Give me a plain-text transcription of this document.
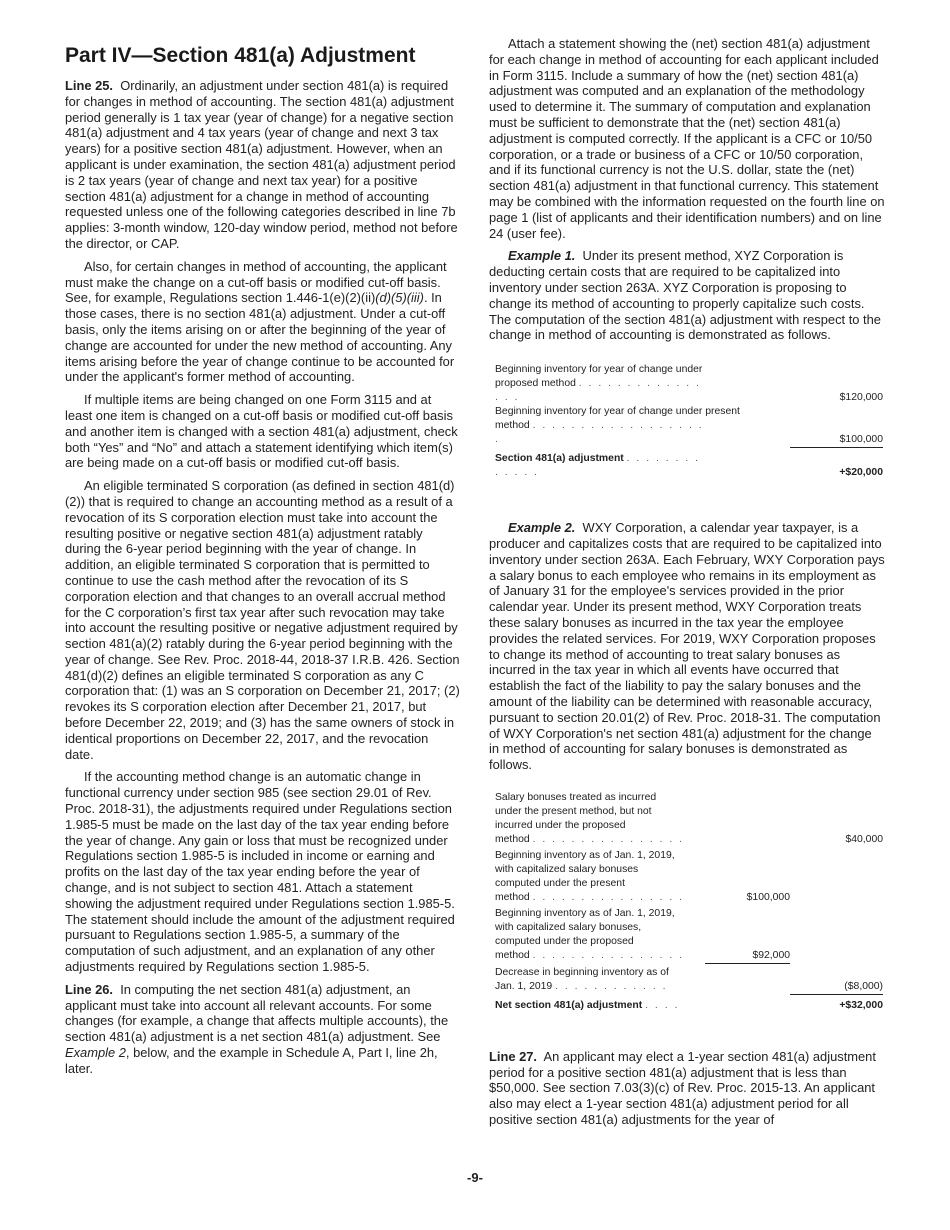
Part IV—Section 481(a) Adjustment

Line 25. Ordinarily, an adjustment under section 481(a) is required for changes in method of accounting. The section 481(a) adjustment period generally is 1 tax year (year of change) for a negative section 481(a) adjustment and 4 tax years (year of change and next 3 tax years) for a positive section 481(a) adjustment. However, when an applicant is under examination, the section 481(a) adjustment period is 2 tax years (year of change and next tax year) for a positive section 481(a) adjustment for a change in method of accounting requested unless one of the following categories described in line 7b applies: 3-month window, 120-day window period, method not before the director, or CAP.

Also, for certain changes in method of accounting, the applicant must make the change on a cut-off basis or modified cut-off basis. See, for example, Regulations section 1.446-1(e)(2)(ii)(d)(5)(iii). In those cases, there is no section 481(a) adjustment. Under a cut-off basis, only the items arising on or after the beginning of the year of change are accounted for under the new method of accounting. Any items arising before the year of change continue to be accounted for under the applicant's former method of accounting.

If multiple items are being changed on one Form 3115 and at least one item is changed on a cut-off basis or modified cut-off basis and another item is changed with a section 481(a) adjustment, check both “Yes” and “No” and attach a statement identifying which item(s) are being made on a cut-off basis or modified cut-off basis.

An eligible terminated S corporation (as defined in section 481(d)(2)) that is required to change an accounting method as a result of a revocation of its S corporation election must take into account the resulting positive or negative section 481(a) adjustment ratably during the 6-year period beginning with the year of change. In addition, an eligible terminated S corporation that is permitted to continue to use the cash method after the revocation of its S corporation election and that changes to an overall accrual method for the C corporation’s first tax year after such revocation may take into account the resulting positive or negative adjustment required by section 481(a)(2) ratably during the 6-year period beginning with the year of change. See Rev. Proc. 2018-44, 2018-37 I.R.B. 426. Section 481(d)(2) defines an eligible terminated S corporation as any C corporation that: (1) was an S corporation on December 21, 2017; (2) revokes its S corporation election after December 21, 2017, but before December 22, 2019; and (3) has the same owners of stock in identical proportions on December 22, 2017, and the revocation date.

If the accounting method change is an automatic change in functional currency under section 985 (see section 29.01 of Rev. Proc. 2018-31), the adjustments required under Regulations section 1.985-5 must be made on the last day of the tax year ending before the year of change. Any gain or loss that must be recognized under Regulations section 1.985-5 is included in income or earning and profits on the last day of the tax year ending before the year of change, and is not subject to section 481. Attach a statement showing the adjustment required under Regulations section 1.985-5. The statement should include the amount of the adjustment required pursuant to Regulations section 1.985-5, a summary of the computation of such adjustment, and an explanation of any other adjustments required by Regulations section 1.985-5.

Line 26. In computing the net section 481(a) adjustment, an applicant must take into account all relevant accounts. For some changes (for example, a change that affects multiple accounts), the section 481(a) adjustment is a net section 481(a) adjustment. See Example 2, below, and the example in Schedule A, Part I, line 2h, later.

Attach a statement showing the (net) section 481(a) adjustment for each change in method of accounting for each applicant included in Form 3115. Include a summary of how the (net) section 481(a) adjustment was computed and an explanation of the methodology used to determine it. The summary of computation and explanation must be sufficient to demonstrate that the (net) section 481(a) adjustment is computed correctly. If the applicant is a CFC or 10/50 corporation, or a trade or business of a CFC or 10/50 corporation, and if its functional currency is not the U.S. dollar, state the (net) section 481(a) adjustment in that functional currency. This statement may be combined with the information requested on the fourth line on page 1 (list of applicants and their identification numbers) and on line 24 (user fee).

Example 1. Under its present method, XYZ Corporation is deducting certain costs that are required to be capitalized into inventory under section 263A. XYZ Corporation is proposing to change its method of accounting to properly capitalize such costs. The computation of the section 481(a) adjustment with respect to the change in method of accounting is demonstrated as follows.

Beginning inventory for year of change under		
proposed method . . . . . . . . . . . . . . . .		$120,000
Beginning inventory for year of change under present		
method . . . . . . . . . . . . . . . . . . .		$100,000
Section 481(a) adjustment . . . . . . . . . . . . .		+$20,000

Example 2. WXY Corporation, a calendar year taxpayer, is a producer and capitalizes costs that are required to be capitalized into inventory under section 263A. Each February, WXY Corporation pays a salary bonus to each employee who remains in its employment as of January 31 for the employee's services provided in the prior calendar year. Under its present method, WXY Corporation treats these salary bonuses as incurred in the tax year the employee provides the related services. For 2019, WXY Corporation proposes to change its method of accounting to treat salary bonuses as incurred in the tax year in which all events have occurred that establish the fact of the liability to pay the salary bonuses and the amount of the liability can be determined with reasonable accuracy, pursuant to section 20.01(2) of Rev. Proc. 2018-31. The computation of WXY Corporation's net section 481(a) adjustment for the change in method of accounting for salary bonuses is demonstrated as follows.

Salary bonuses treated as incurred		
under the present method, but not		
incurred under the proposed		
method . . . . . . . . . . . . . . . .		$40,000
Beginning inventory as of Jan. 1, 2019,		
with capitalized salary bonuses		
computed under the present		
method . . . . . . . . . . . . . . . .	$100,000	
Beginning inventory as of Jan. 1, 2019,		
with capitalized salary bonuses,		
computed under the proposed		
method . . . . . . . . . . . . . . . .	$92,000	
Decrease in beginning inventory as of		
Jan. 1, 2019 . . . . . . . . . . . .		($8,000)
Net section 481(a) adjustment . . . .		+$32,000

Line 27. An applicant may elect a 1-year section 481(a) adjustment period for a positive section 481(a) adjustment that is less than $50,000. See section 7.03(3)(c) of Rev. Proc. 2015-13. An applicant also may elect a 1-year section 481(a) adjustment period for all positive section 481(a) adjustments for the year of

-9-
